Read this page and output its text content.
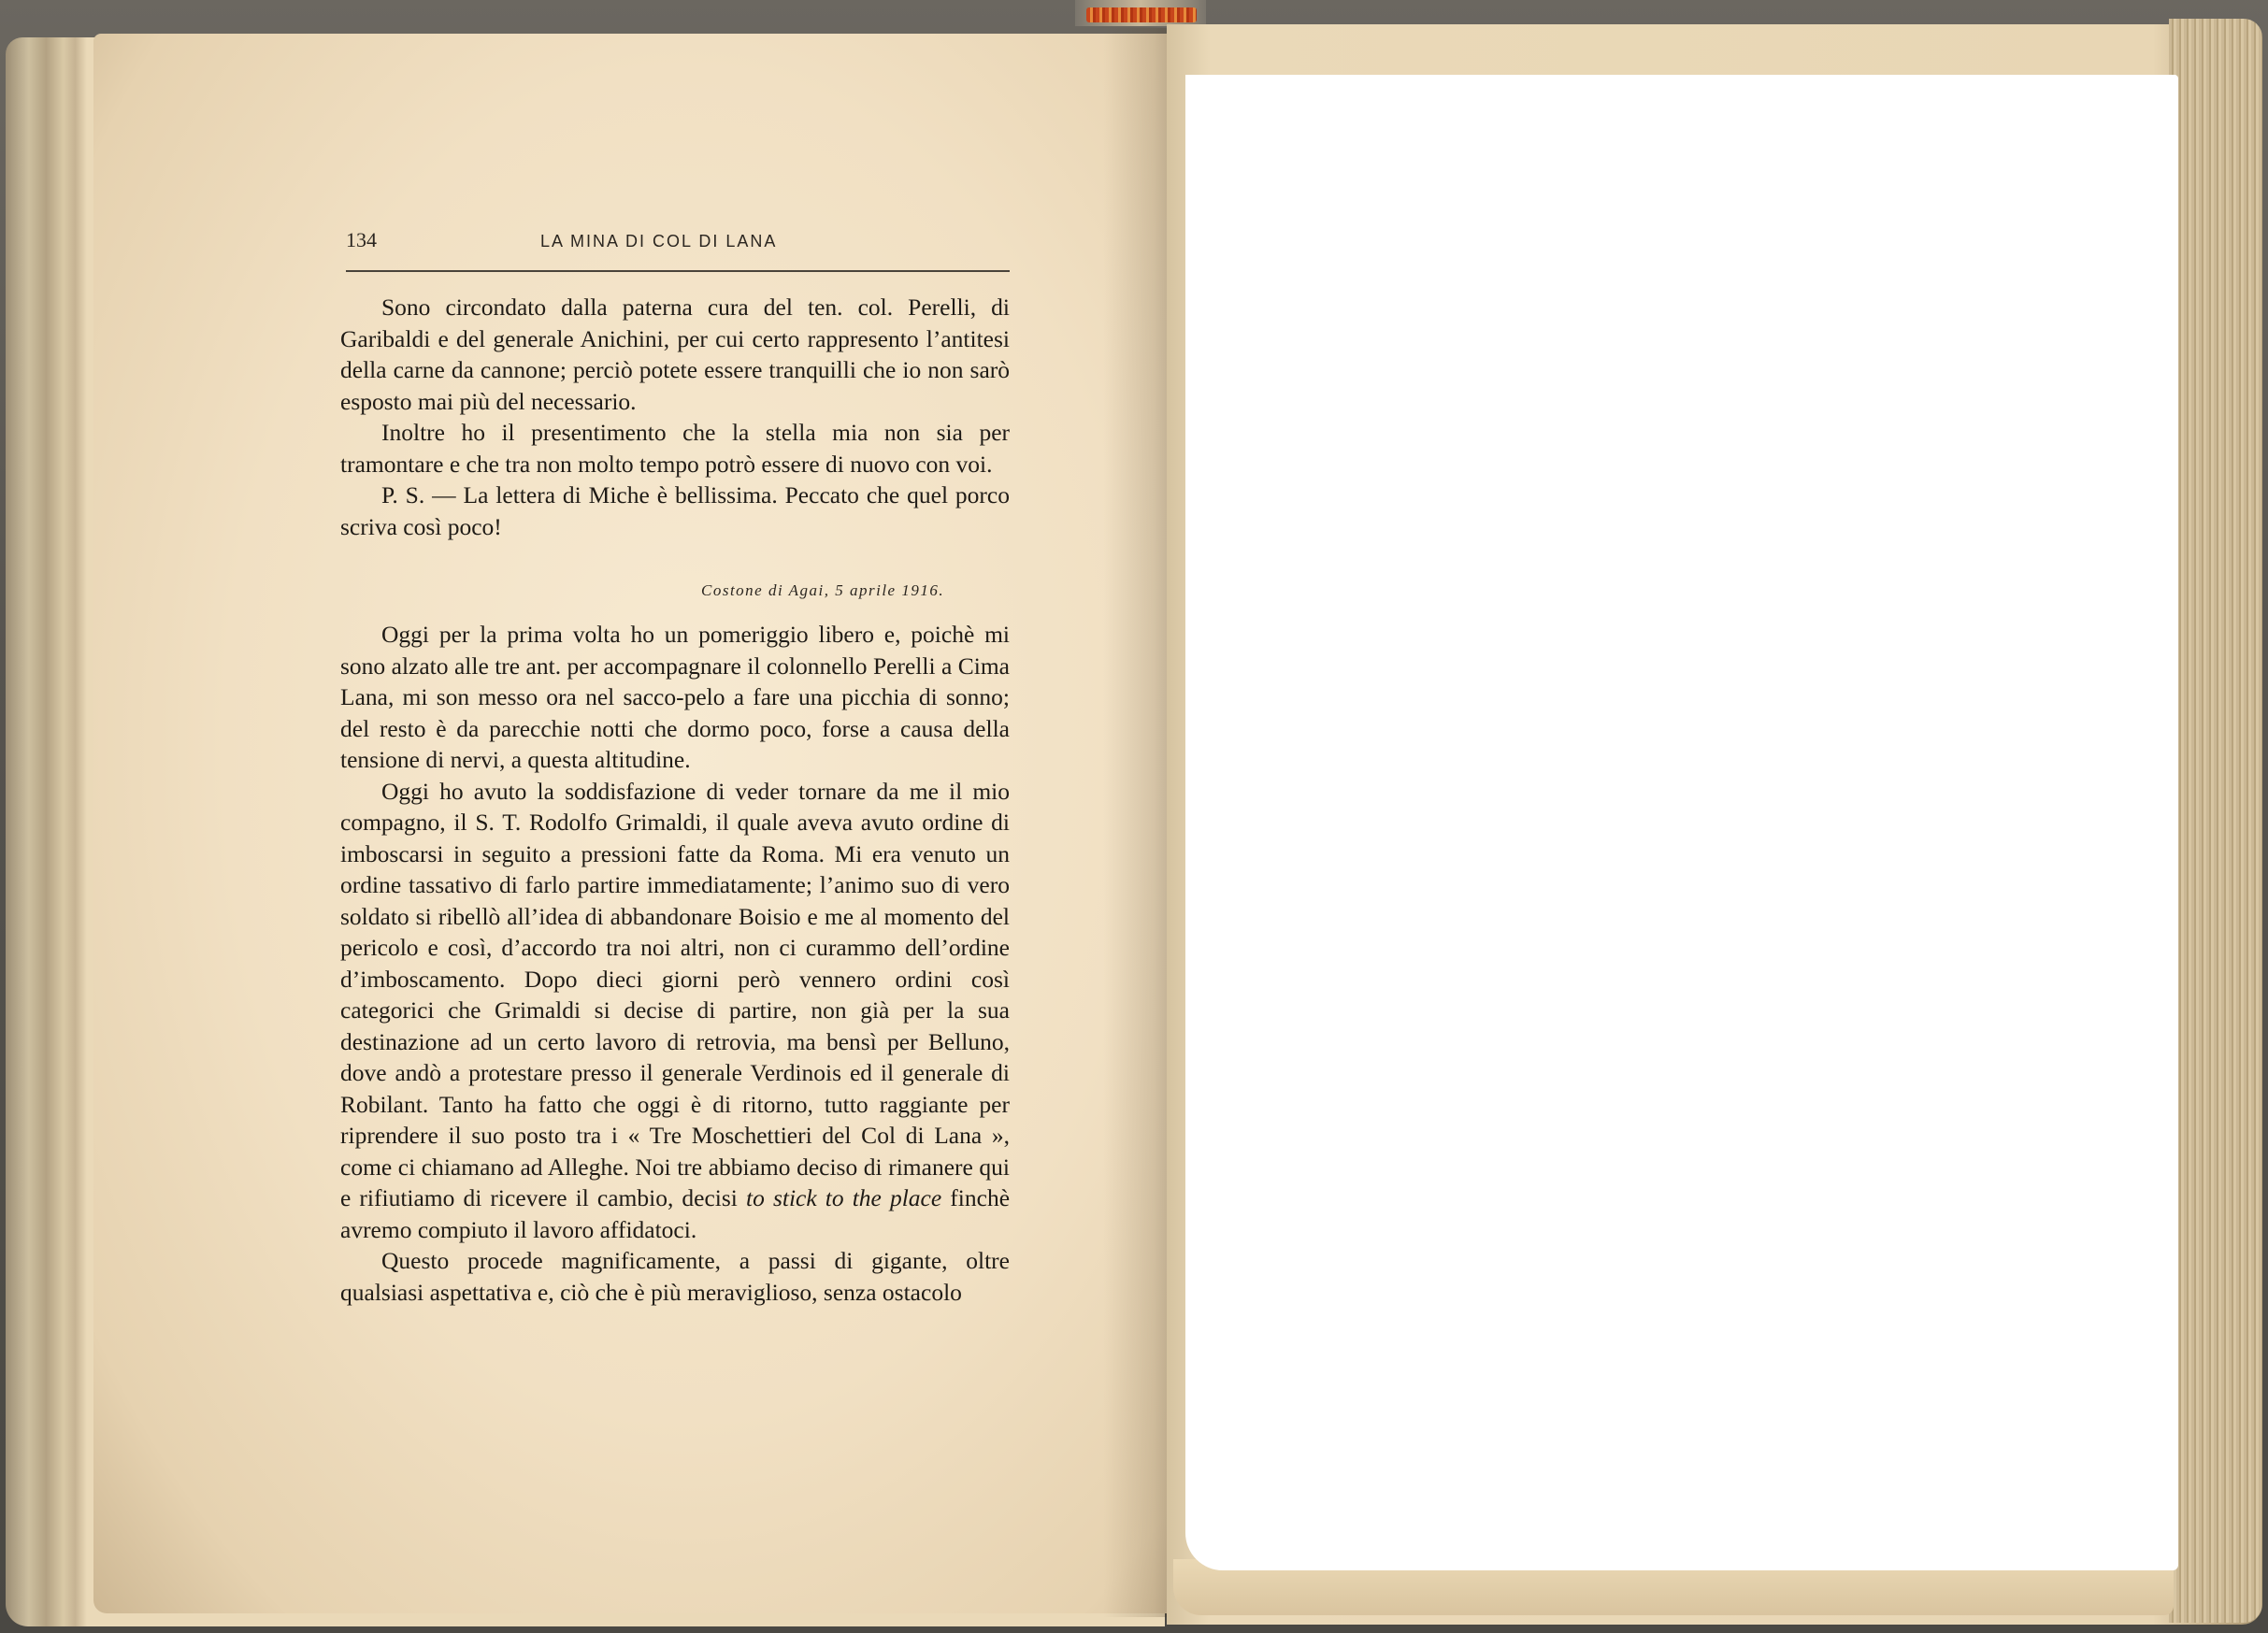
134	LA MINA DI COL DI LANA

Sono circondato dalla paterna cura del ten. col. Perelli, di Garibaldi e del generale Anichini, per cui certo rappresento l’antitesi della carne da cannone; perciò potete essere tranquilli che io non sarò esposto mai più del necessario.

Inoltre ho il presentimento che la stella mia non sia per tramontare e che tra non molto tempo potrò essere di nuovo con voi.

P. S. — La lettera di Miche è bellissima. Peccato che quel porco scriva così poco!

Costone di Agai, 5 aprile 1916.

Oggi per la prima volta ho un pomeriggio libero e, poichè mi sono alzato alle tre ant. per accompagnare il colonnello Perelli a Cima Lana, mi son messo ora nel sacco-pelo a fare una picchia di sonno; del resto è da parecchie notti che dormo poco, forse a causa della tensione di nervi, a questa altitudine.

Oggi ho avuto la soddisfazione di veder tornare da me il mio compagno, il S. T. Rodolfo Grimaldi, il quale aveva avuto ordine di imboscarsi in seguito a pressioni fatte da Roma. Mi era venuto un ordine tassativo di farlo partire immediatamente; l’animo suo di vero soldato si ribellò all’idea di abbandonare Boisio e me al momento del pericolo e così, d’accordo tra noi altri, non ci curammo dell’ordine d’imboscamento. Dopo dieci giorni però vennero ordini così categorici che Grimaldi si decise di partire, non già per la sua destinazione ad un certo lavoro di retrovia, ma bensì per Belluno, dove andò a protestare presso il generale Verdinois ed il generale di Robilant. Tanto ha fatto che oggi è di ritorno, tutto raggiante per riprendere il suo posto tra i « Tre Moschettieri del Col di Lana », come ci chiamano ad Alleghe. Noi tre abbiamo deciso di rimanere qui e rifiutiamo di ricevere il cambio, decisi to stick to the place finchè avremo compiuto il lavoro affidatoci.

Questo procede magnificamente, a passi di gigante, oltre qualsiasi aspettativa e, ciò che è più meraviglioso, senza ostacolo
